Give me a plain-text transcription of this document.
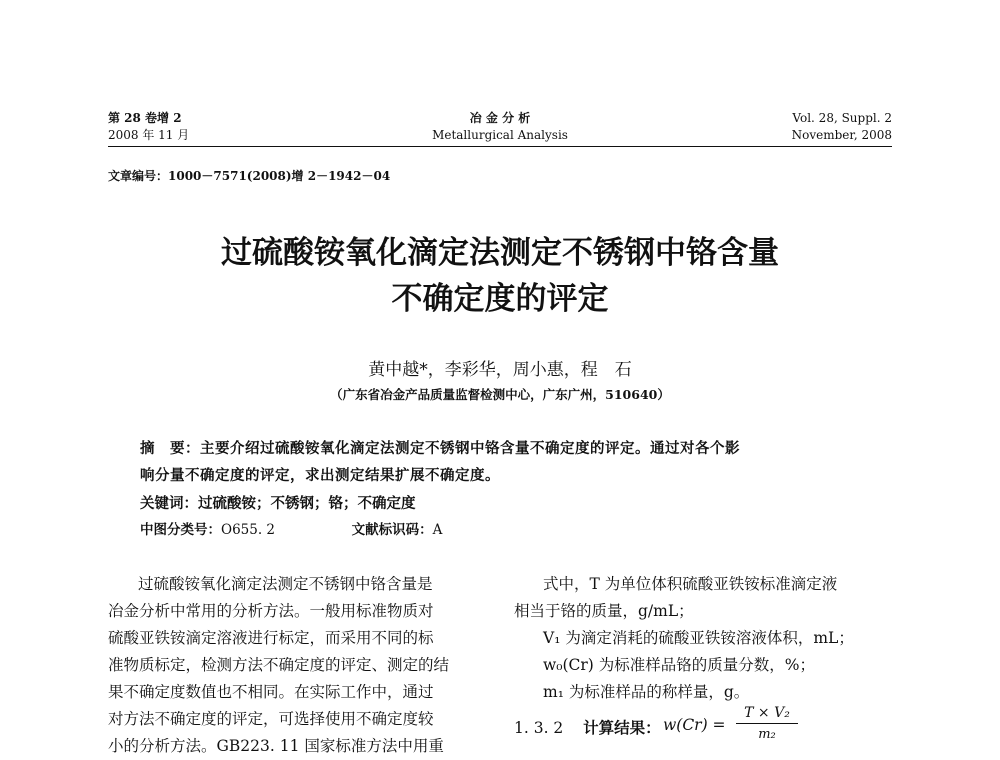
第 28 卷增 2
2008 年 11 月
冶 金 分 析
Metallurgical Analysis
Vol. 28, Suppl. 2
November, 2008
文章编号：1000－7571(2008)增 2－1942－04
过硫酸铵氧化滴定法测定不锈钢中铬含量
不确定度的评定
黄中越*，李彩华，周小惠，程　石
（广东省冶金产品质量监督检测中心，广东广州，510640）
摘　要：主要介绍过硫酸铵氧化滴定法测定不锈钢中铬含量不确定度的评定。通过对各个影
响分量不确定度的评定，求出测定结果扩展不确定度。
关键词：过硫酸铵；不锈钢；铬；不确定度
中图分类号：O655. 2	文献标识码：A
过硫酸铵氧化滴定法测定不锈钢中铬含量是
冶金分析中常用的分析方法。一般用标准物质对
硫酸亚铁铵滴定溶液进行标定，而采用不同的标
准物质标定，检测方法不确定度的评定、测定的结
果不确定度数值也不相同。在实际工作中，通过
对方法不确定度的评定，可选择使用不确定度较
小的分析方法。GB223. 11 国家标准方法中用重
式中，T 为单位体积硫酸亚铁铵标准滴定液
相当于铬的质量，g/mL；
V₁ 为滴定消耗的硫酸亚铁铵溶液体积，mL；
w₀(Cr) 为标准样品铬的质量分数，%；
m₁ 为标准样品的称样量，g。
1. 3. 2 计算结果： w(Cr) =
T × V₂
m₂
